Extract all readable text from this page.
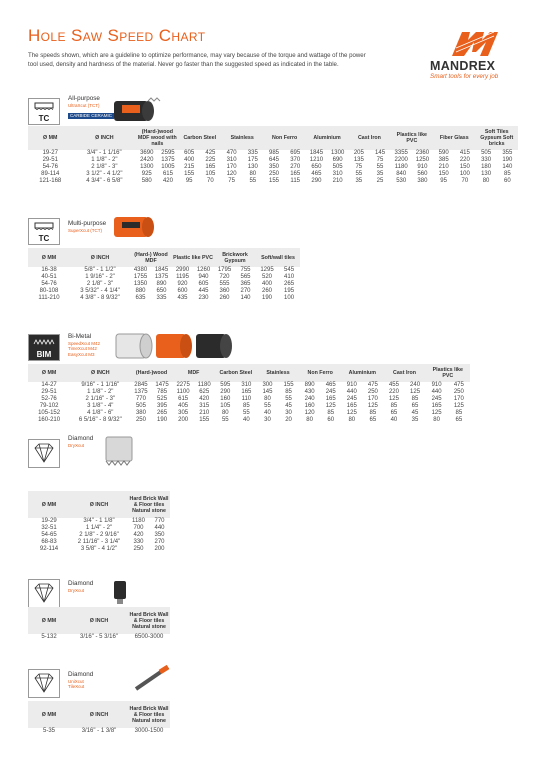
Hole Saw Speed Chart
The speeds shown, which are a guideline to optimize performance, may vary because of the torque and wattage of the power tool used, density and hardness of the material. Never go faster than the suggested speed as indicated in the table.	MANDREX
Smart tools for every job
TC
All-purpose
UltraXcut (TCT)
CARBIDE CERAMIC
Ø MM	Ø INCH	(Hard-)wood MDF wood with nails		Carbon Steel		Stainless		Non Ferro		Aluminium		Cast Iron		Plastics like PVC		Fiber Glass		Soft Tiles Gypsum Soft bricks	
19-27	3/4" - 1 1/16"	3690	2595	605	425	470	335	985	695	1845	1300	205	145	3355	2360	590	415	505	355
29-51	1 1/8" - 2"	2420	1375	400	225	310	175	645	370	1210	690	135	75	2200	1250	385	220	330	190
54-76	2 1/8" - 3"	1300	1005	215	165	170	130	350	270	650	505	75	55	1180	910	210	150	180	140
89-114	3 1/2" - 4 1/2"	925	615	155	105	120	80	250	165	465	310	55	35	840	560	150	100	130	85
121-168	4 3/4" - 6 5/8"	580	420	95	70	75	55	155	115	290	210	35	25	530	380	95	70	80	60
TC
Multi-purpose
SuperXcut (TCT)
Ø MM	Ø INCH	(Hard-) Wood MDF		Plastic like PVC		Brickwork Gypsum		Soft/wall tiles	
16-38	5/8" - 1 1/2"	4380	1845	2990	1260	1795	755	1295	545
40-51	1 9/16" - 2"	1755	1375	1195	940	720	565	520	410
54-76	2 1/8" - 3"	1350	890	920	605	555	365	400	265
80-108	3 5/32" - 4 1/4"	880	650	600	445	360	270	260	195
111-210	4 3/8" - 8 9/32"	635	335	435	230	260	140	190	100
BIM
Bi-Metal
SpeedXcut M42
TimeXcut M42
EasyXcut M3
Ø MM	Ø INCH	(Hard-)wood		MDF		Carbon Steel		Stainless		Non Ferro		Aluminium		Cast Iron		Plastics like PVC	
14-27	9/16" - 1 1/16"	2845	1475	2275	1180	595	310	300	155	890	465	910	475	455	240	910	475
29-51	1 1/8" - 2"	1375	785	1100	625	290	165	145	85	430	245	440	250	220	125	440	250
52-76	2 1/16" - 3"	770	525	615	420	160	110	80	55	240	165	245	170	125	85	245	170
79-102	3 1/8" - 4"	505	395	405	315	105	85	55	45	160	125	165	125	85	65	165	125
105-152	4 1/8" - 6"	380	265	305	210	80	55	40	30	120	85	125	85	65	45	125	85
160-210	6 5/16" - 8 9/32"	250	190	200	155	55	40	30	20	80	60	80	65	40	35	80	65
Diamond
DryXcut
Ø MM	Ø INCH	Hard Brick Wall & Floor tiles Natural stone	
19-29	3/4" - 1 1/8"	1180	770
32-51	1 1/4" - 2"	700	440
54-65	2 1/8" - 2 9/16"	420	350
68-83	2 11/16" - 3 1/4"	330	270
92-114	3 5/8" - 4 1/2"	250	200
Diamond
DryXcut
Ø MM	Ø INCH	Hard Brick Wall & Floor tiles Natural stone
5-132	3/16" - 5 3/16"	6500-3000
Diamond
UniXcut
TileXcut
Ø MM	Ø INCH	Hard Brick Wall & Floor tiles Natural stone
5-35	3/16" - 1 3/8"	3000-1500
